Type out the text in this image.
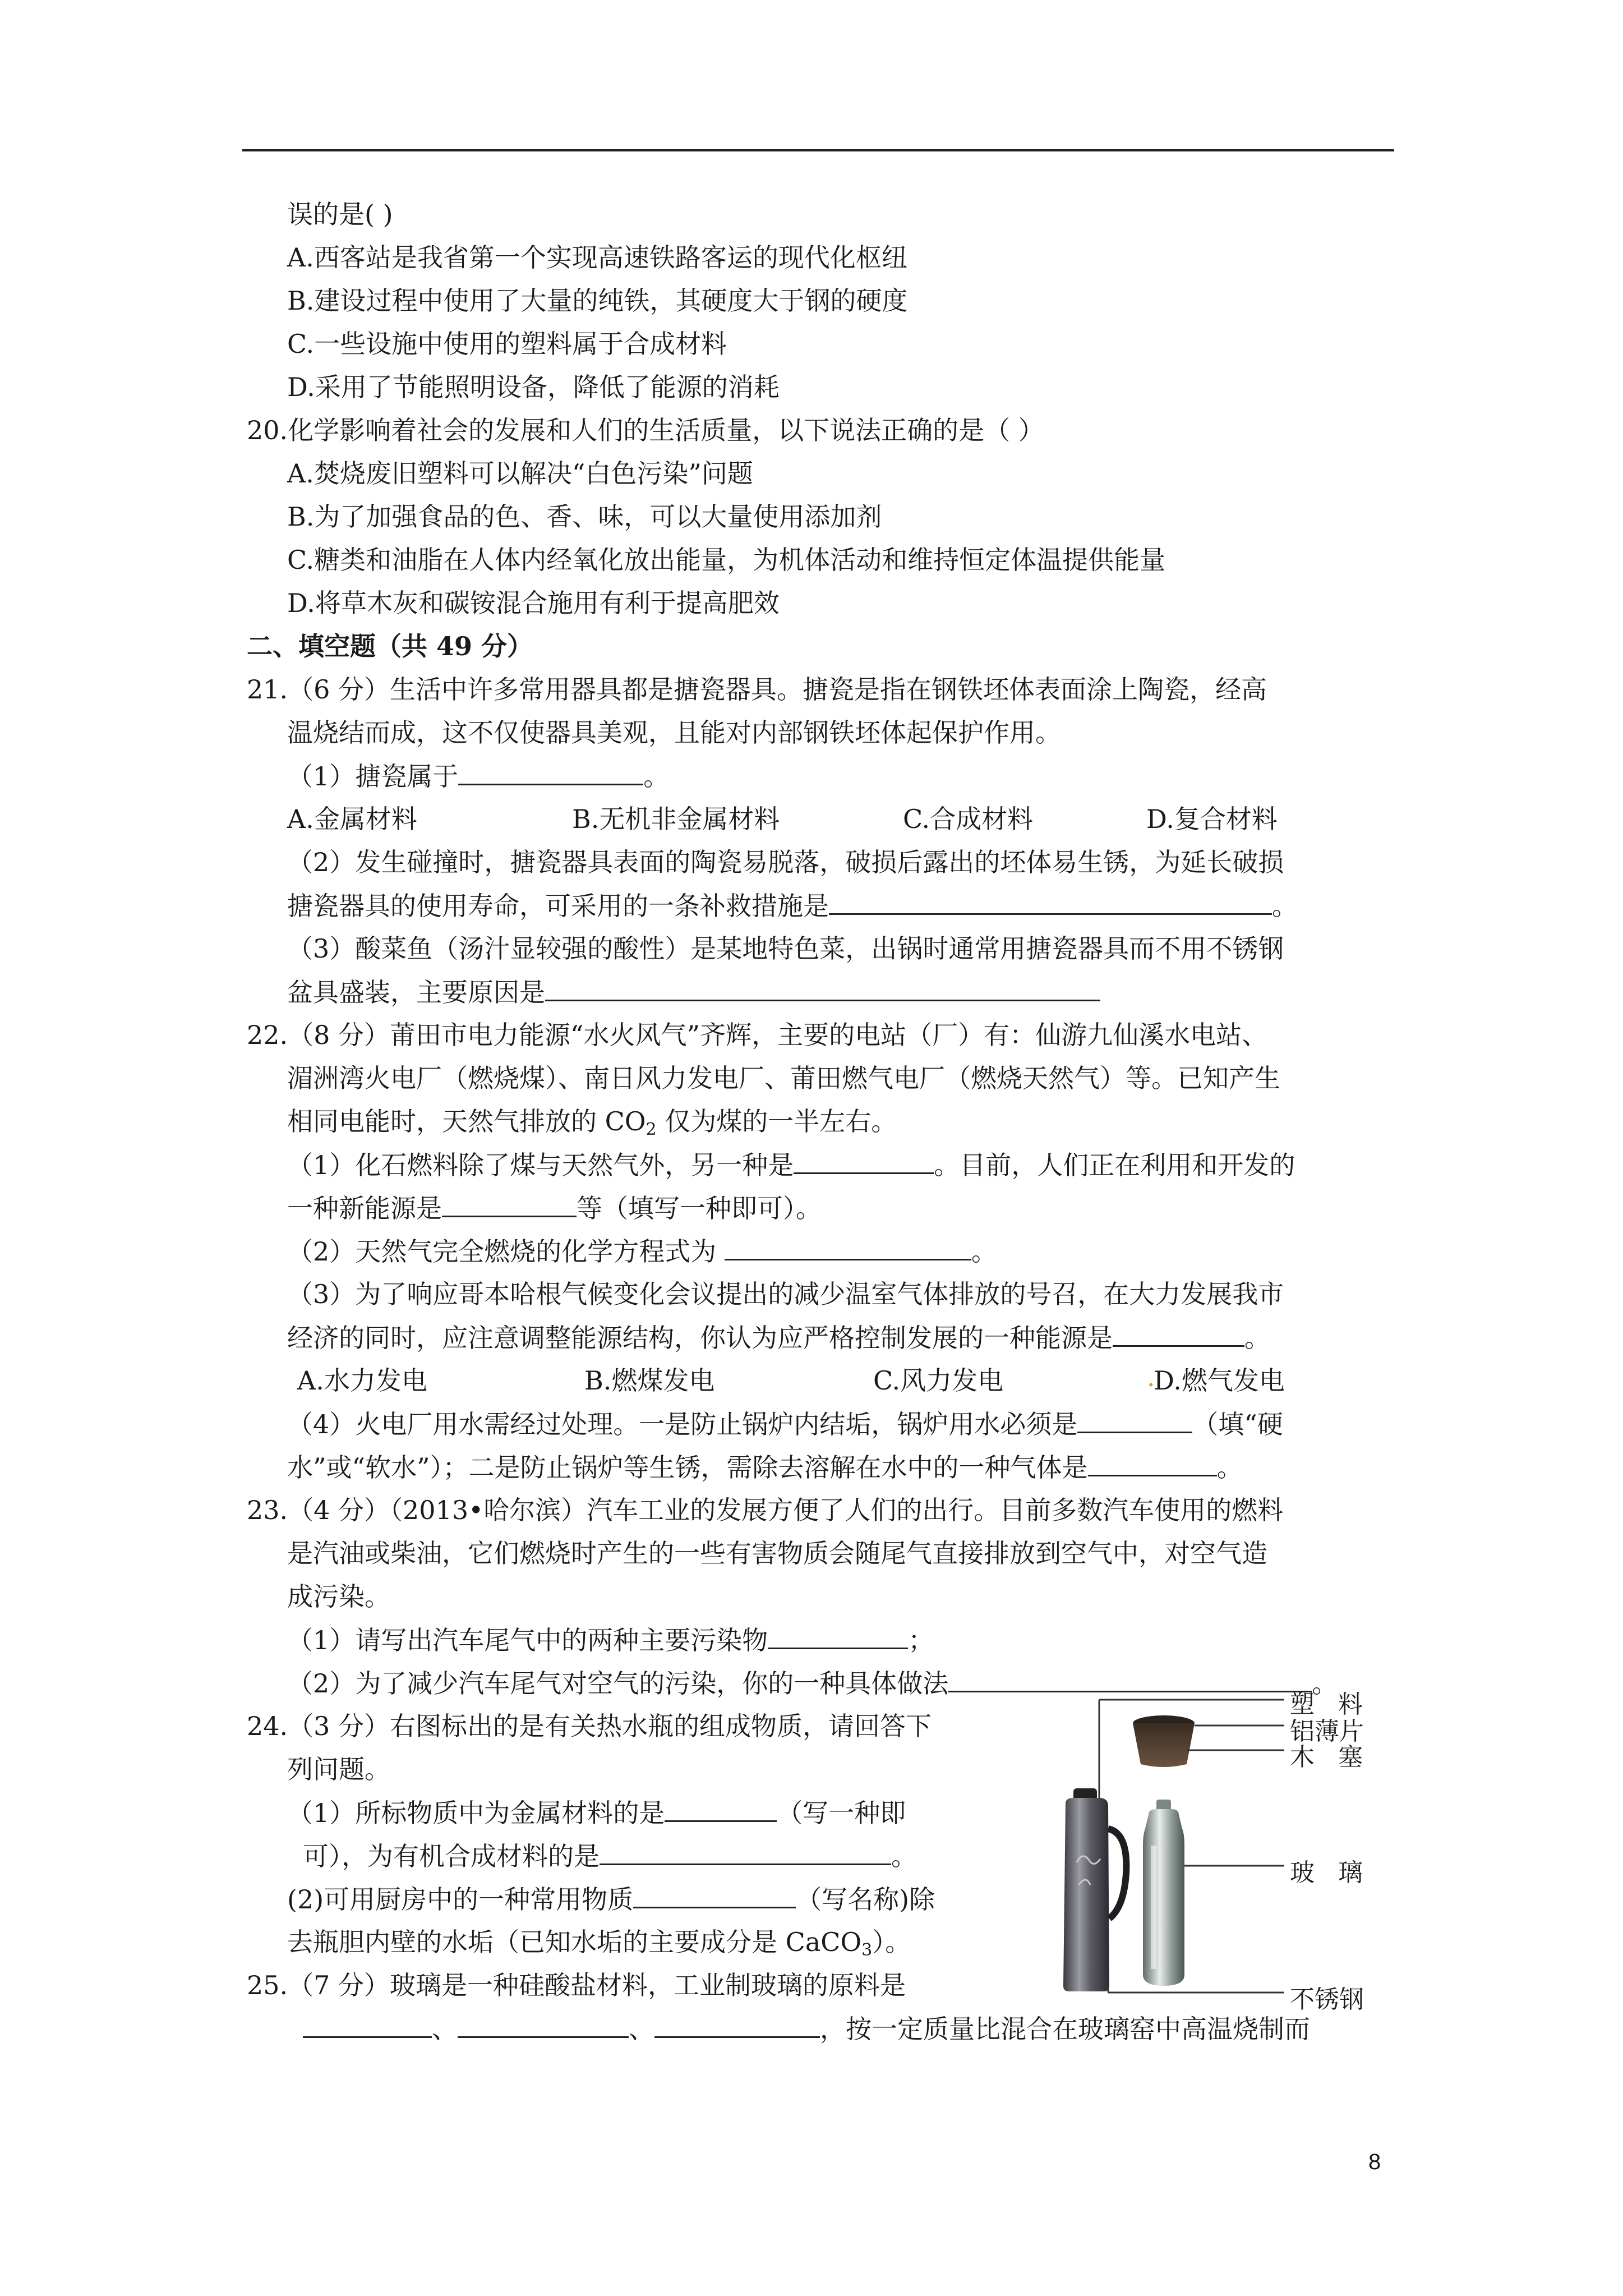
误的是( )
A.西客站是我省第一个实现高速铁路客运的现代化枢纽
B.建设过程中使用了大量的纯铁，其硬度大于钢的硬度
C.一些设施中使用的塑料属于合成材料
D.采用了节能照明设备，降低了能源的消耗
20.化学影响着社会的发展和人们的生活质量，以下说法正确的是（ ）
A.焚烧废旧塑料可以解决“白色污染”问题
B.为了加强食品的色、香、味，可以大量使用添加剂
C.糖类和油脂在人体内经氧化放出能量，为机体活动和维持恒定体温提供能量
D.将草木灰和碳铵混合施用有利于提高肥效
二、填空题（共 49 分）
21.（6 分）生活中许多常用器具都是搪瓷器具。搪瓷是指在钢铁坯体表面涂上陶瓷，经高
温烧结而成，这不仅使器具美观，且能对内部钢铁坯体起保护作用。
（1）搪瓷属于	。
A.金属材料	B.无机非金属材料	C.合成材料	D.复合材料
（2）发生碰撞时，搪瓷器具表面的陶瓷易脱落，破损后露出的坯体易生锈，为延长破损
搪瓷器具的使用寿命，可采用的一条补救措施是	。
（3）酸菜鱼（汤汁显较强的酸性）是某地特色菜，出锅时通常用搪瓷器具而不用不锈钢
盆具盛装，主要原因是
22.（8 分）莆田市电力能源“水火风气”齐辉，主要的电站（厂）有：仙游九仙溪水电站、
湄洲湾火电厂（燃烧煤）、南日风力发电厂、莆田燃气电厂（燃烧天然气）等。已知产生
相同电能时，天然气排放的 $CO_2$ 仅为煤的一半左右。
（1）化石燃料除了煤与天然气外，另一种是	。目前，人们正在利用和开发的
一种新能源是	等（填写一种即可）。
（2）天然气完全燃烧的化学方程式为	。
（3）为了响应哥本哈根气候变化会议提出的减少温室气体排放的号召，在大力发展我市
经济的同时，应注意调整能源结构，你认为应严格控制发展的一种能源是	。
A.水力发电	B.燃煤发电	C.风力发电	D.燃气发电
.
（4）火电厂用水需经过处理。一是防止锅炉内结垢，锅炉用水必须是	（填“硬
水”或“软水”）；二是防止锅炉等生锈，需除去溶解在水中的一种气体是	。
23.（4 分）（2013•哈尔滨）汽车工业的发展方便了人们的出行。目前多数汽车使用的燃料
是汽油或柴油，它们燃烧时产生的一些有害物质会随尾气直接排放到空气中，对空气造
成污染。
（1）请写出汽车尾气中的两种主要污染物	；
（2）为了减少汽车尾气对空气的污染，你的一种具体做法	。
24.（3 分）右图标出的是有关热水瓶的组成物质，请回答下
列问题。
（1）所标物质中为金属材料的是	（写一种即
可），为有机合成材料的是	。
(2)可用厨房中的一种常用物质	（写名称)除
去瓶胆内壁的水垢（已知水垢的主要成分是 CaCO$_3$）。
25.（7 分）玻璃是一种硅酸盐材料，工业制玻璃的原料是
、	、	，按一定质量比混合在玻璃窑中高温烧制而
塑 料
铝薄片
木 塞
玻 璃
不锈钢
8
